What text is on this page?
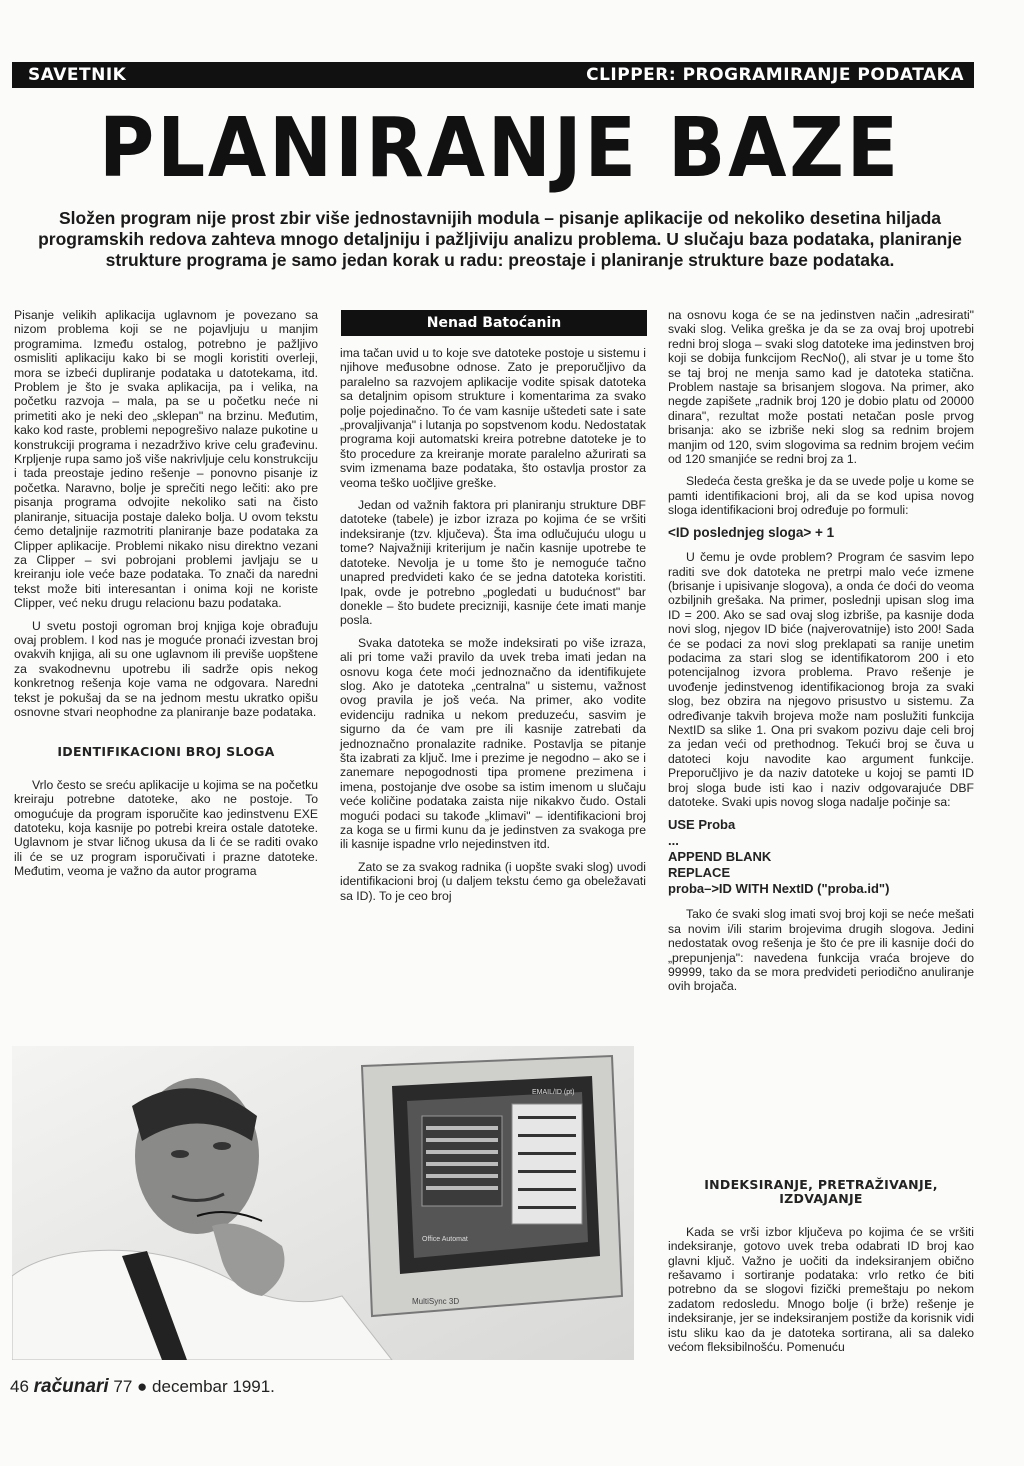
SAVETNIK	CLIPPER: PROGRAMIRANJE PODATAKA
PLANIRANJE BAZE
Složen program nije prost zbir više jednostavnijih modula – pisanje aplikacije od nekoliko desetina hiljada programskih redova zahteva mnogo detaljniju i pažljiviju analizu problema. U slučaju baza podataka, planiranje strukture programa je samo jedan korak u radu: preostaje i planiranje strukture baze podataka.

Pisanje velikih aplikacija uglavnom je povezano sa nizom problema koji se ne pojavljuju u manjim programima. Između ostalog, potrebno je pažljivo osmisliti aplikaciju kako bi se mogli koristiti overleji, mora se izbeći dupliranje podataka u datotekama, itd. Problem je što je svaka aplikacija, pa i velika, na početku razvoja – mala, pa se u početku neće ni primetiti ako je neki deo „sklepan" na brzinu. Međutim, kako kod raste, problemi nepogrešivo nalaze pukotine u konstrukciji programa i nezadrživo krive celu građevinu. Krpljenje rupa samo još više nakrivljuje celu konstrukciju i tada preostaje jedino rešenje – ponovno pisanje iz početka. Naravno, bolje je sprečiti nego lečiti: ako pre pisanja programa odvojite nekoliko sati na čisto planiranje, situacija postaje daleko bolja. U ovom tekstu ćemo detaljnije razmotriti planiranje baze podataka za Clipper aplikacije. Problemi nikako nisu direktno vezani za Clipper – svi pobrojani problemi javljaju se u kreiranju iole veće baze podataka. To znači da naredni tekst može biti interesantan i onima koji ne koriste Clipper, već neku drugu relacionu bazu podataka.

U svetu postoji ogroman broj knjiga koje obrađuju ovaj problem. I kod nas je moguće pronaći izvestan broj ovakvih knjiga, ali su one uglavnom ili previše uopštene za svakodnevnu upotrebu ili sadrže opis nekog konkretnog rešenja koje vama ne odgovara. Naredni tekst je pokušaj da se na jednom mestu ukratko opišu osnovne stvari neophodne za planiranje baze podataka.

IDENTIFIKACIONI BROJ SLOGA

Vrlo često se sreću aplikacije u kojima se na početku kreiraju potrebne datoteke, ako ne postoje. To omogućuje da program isporučite kao jedinstvenu EXE datoteku, koja kasnije po potrebi kreira ostale datoteke. Uglavnom je stvar ličnog ukusa da li će se raditi ovako ili će se uz program isporučivati i prazne datoteke. Međutim, veoma je važno da autor programa

Nenad Batoćanin

ima tačan uvid u to koje sve datoteke postoje u sistemu i njihove međusobne odnose. Zato je preporučljivo da paralelno sa razvojem aplikacije vodite spisak datoteka sa detaljnim opisom strukture i komentarima za svako polje pojedinačno. To će vam kasnije uštedeti sate i sate „provaljivanja" i lutanja po sopstvenom kodu. Nedostatak programa koji automatski kreira potrebne datoteke je to što procedure za kreiranje morate paralelno ažurirati sa svim izmenama baze podataka, što ostavlja prostor za veoma teško uočljive greške.

Jedan od važnih faktora pri planiranju strukture DBF datoteke (tabele) je izbor izraza po kojima će se vršiti indeksiranje (tzv. ključeva). Šta ima odlučujuću ulogu u tome? Najvažniji kriterijum je način kasnije upotrebe te datoteke. Nevolja je u tome što je nemoguće tačno unapred predvideti kako će se jedna datoteka koristiti. Ipak, ovde je potrebno „pogledati u budućnost" bar donekle – što budete precizniji, kasnije ćete imati manje posla.

Svaka datoteka se može indeksirati po više izraza, ali pri tome važi pravilo da uvek treba imati jedan na osnovu koga ćete moći jednoznačno da identifikujete slog. Ako je datoteka „centralna" u sistemu, važnost ovog pravila je još veća. Na primer, ako vodite evidenciju radnika u nekom preduzeću, sasvim je sigurno da će vam pre ili kasnije zatrebati da jednoznačno pronalazite radnike. Postavlja se pitanje šta izabrati za ključ. Ime i prezime je negodno – ako se i zanemare nepogodnosti tipa promene prezimena i imena, postojanje dve osobe sa istim imenom u slučaju veće količine podataka zaista nije nikakvo čudo. Ostali mogući podaci su takođe „klimavi" – identifikacioni broj za koga se u firmi kunu da je jedinstven za svakoga pre ili kasnije ispadne vrlo nejedinstven itd.

Zato se za svakog radnika (i uopšte svaki slog) uvodi identifikacioni broj (u daljem tekstu ćemo ga obeležavati sa ID). To je ceo broj

na osnovu koga će se na jedinstven način „adresirati" svaki slog. Velika greška je da se za ovaj broj upotrebi redni broj sloga – svaki slog datoteke ima jedinstven broj koji se dobija funkcijom RecNo(), ali stvar je u tome što se taj broj ne menja samo kad je datoteka statična. Problem nastaje sa brisanjem slogova. Na primer, ako negde zapišete „radnik broj 120 je dobio platu od 20000 dinara", rezultat može postati netačan posle prvog brisanja: ako se izbriše neki slog sa rednim brojem manjim od 120, svim slogovima sa rednim brojem većim od 120 smanjiće se redni broj za 1.

Sledeća česta greška je da se uvede polje u kome se pamti identifikacioni broj, ali da se kod upisa novog sloga identifikacioni broj određuje po formuli:

<ID poslednjeg sloga> + 1

U čemu je ovde problem? Program će sasvim lepo raditi sve dok datoteka ne pretrpi malo veće izmene (brisanje i upisivanje slogova), a onda će doći do veoma ozbiljnih grešaka. Na primer, poslednji upisan slog ima ID = 200. Ako se sad ovaj slog izbriše, pa kasnije doda novi slog, njegov ID biće (najverovatnije) isto 200! Sada će se podaci za novi slog preklapati sa ranije unetim podacima za stari slog se identifikatorom 200 i eto potencijalnog izvora problema. Pravo rešenje je uvođenje jedinstvenog identifikacionog broja za svaki slog, bez obzira na njegovo prisustvo u sistemu. Za određivanje takvih brojeva može nam poslužiti funkcija NextID sa slike 1. Ona pri svakom pozivu daje celi broj za jedan veći od prethodnog. Tekući broj se čuva u datoteci koju navodite kao argument funkcije. Preporučljivo je da naziv datoteke u kojoj se pamti ID broj sloga bude isti kao i naziv odgovarajuće DBF datoteke. Svaki upis novog sloga nadalje počinje sa:

USE Proba
...
APPEND BLANK
REPLACE
proba–>ID WITH NextID ("proba.id")

Tako će svaki slog imati svoj broj koji se neće mešati sa novim i/ili starim brojevima drugih slogova. Jedini nedostatak ovog rešenja je što će pre ili kasnije doći do „prepunjenja": navedena funkcija vraća brojeve do 99999, tako da se mora predvideti periodično anuliranje ovih brojača.

INDEKSIRANJE, PRETRAŽIVANJE, IZDVAJANJE

Kada se vrši izbor ključeva po kojima će se vršiti indeksiranje, gotovo uvek treba odabrati ID broj kao glavni ključ. Važno je uočiti da indeksiranjem obično rešavamo i sortiranje podataka: vrlo retko će biti potrebno da se slogovi fizički premeštaju po nekom zadatom redosledu. Mnogo bolje (i brže) rešenje je indeksiranje, jer se indeksiranjem postiže da korisnik vidi istu sliku kao da je datoteka sortirana, ali sa daleko većom fleksibilnošću. Pomenuću

EMAIL/ID (pt)
Office Automat
MultiSync 3D
46 računari 77 ● decembar 1991.
